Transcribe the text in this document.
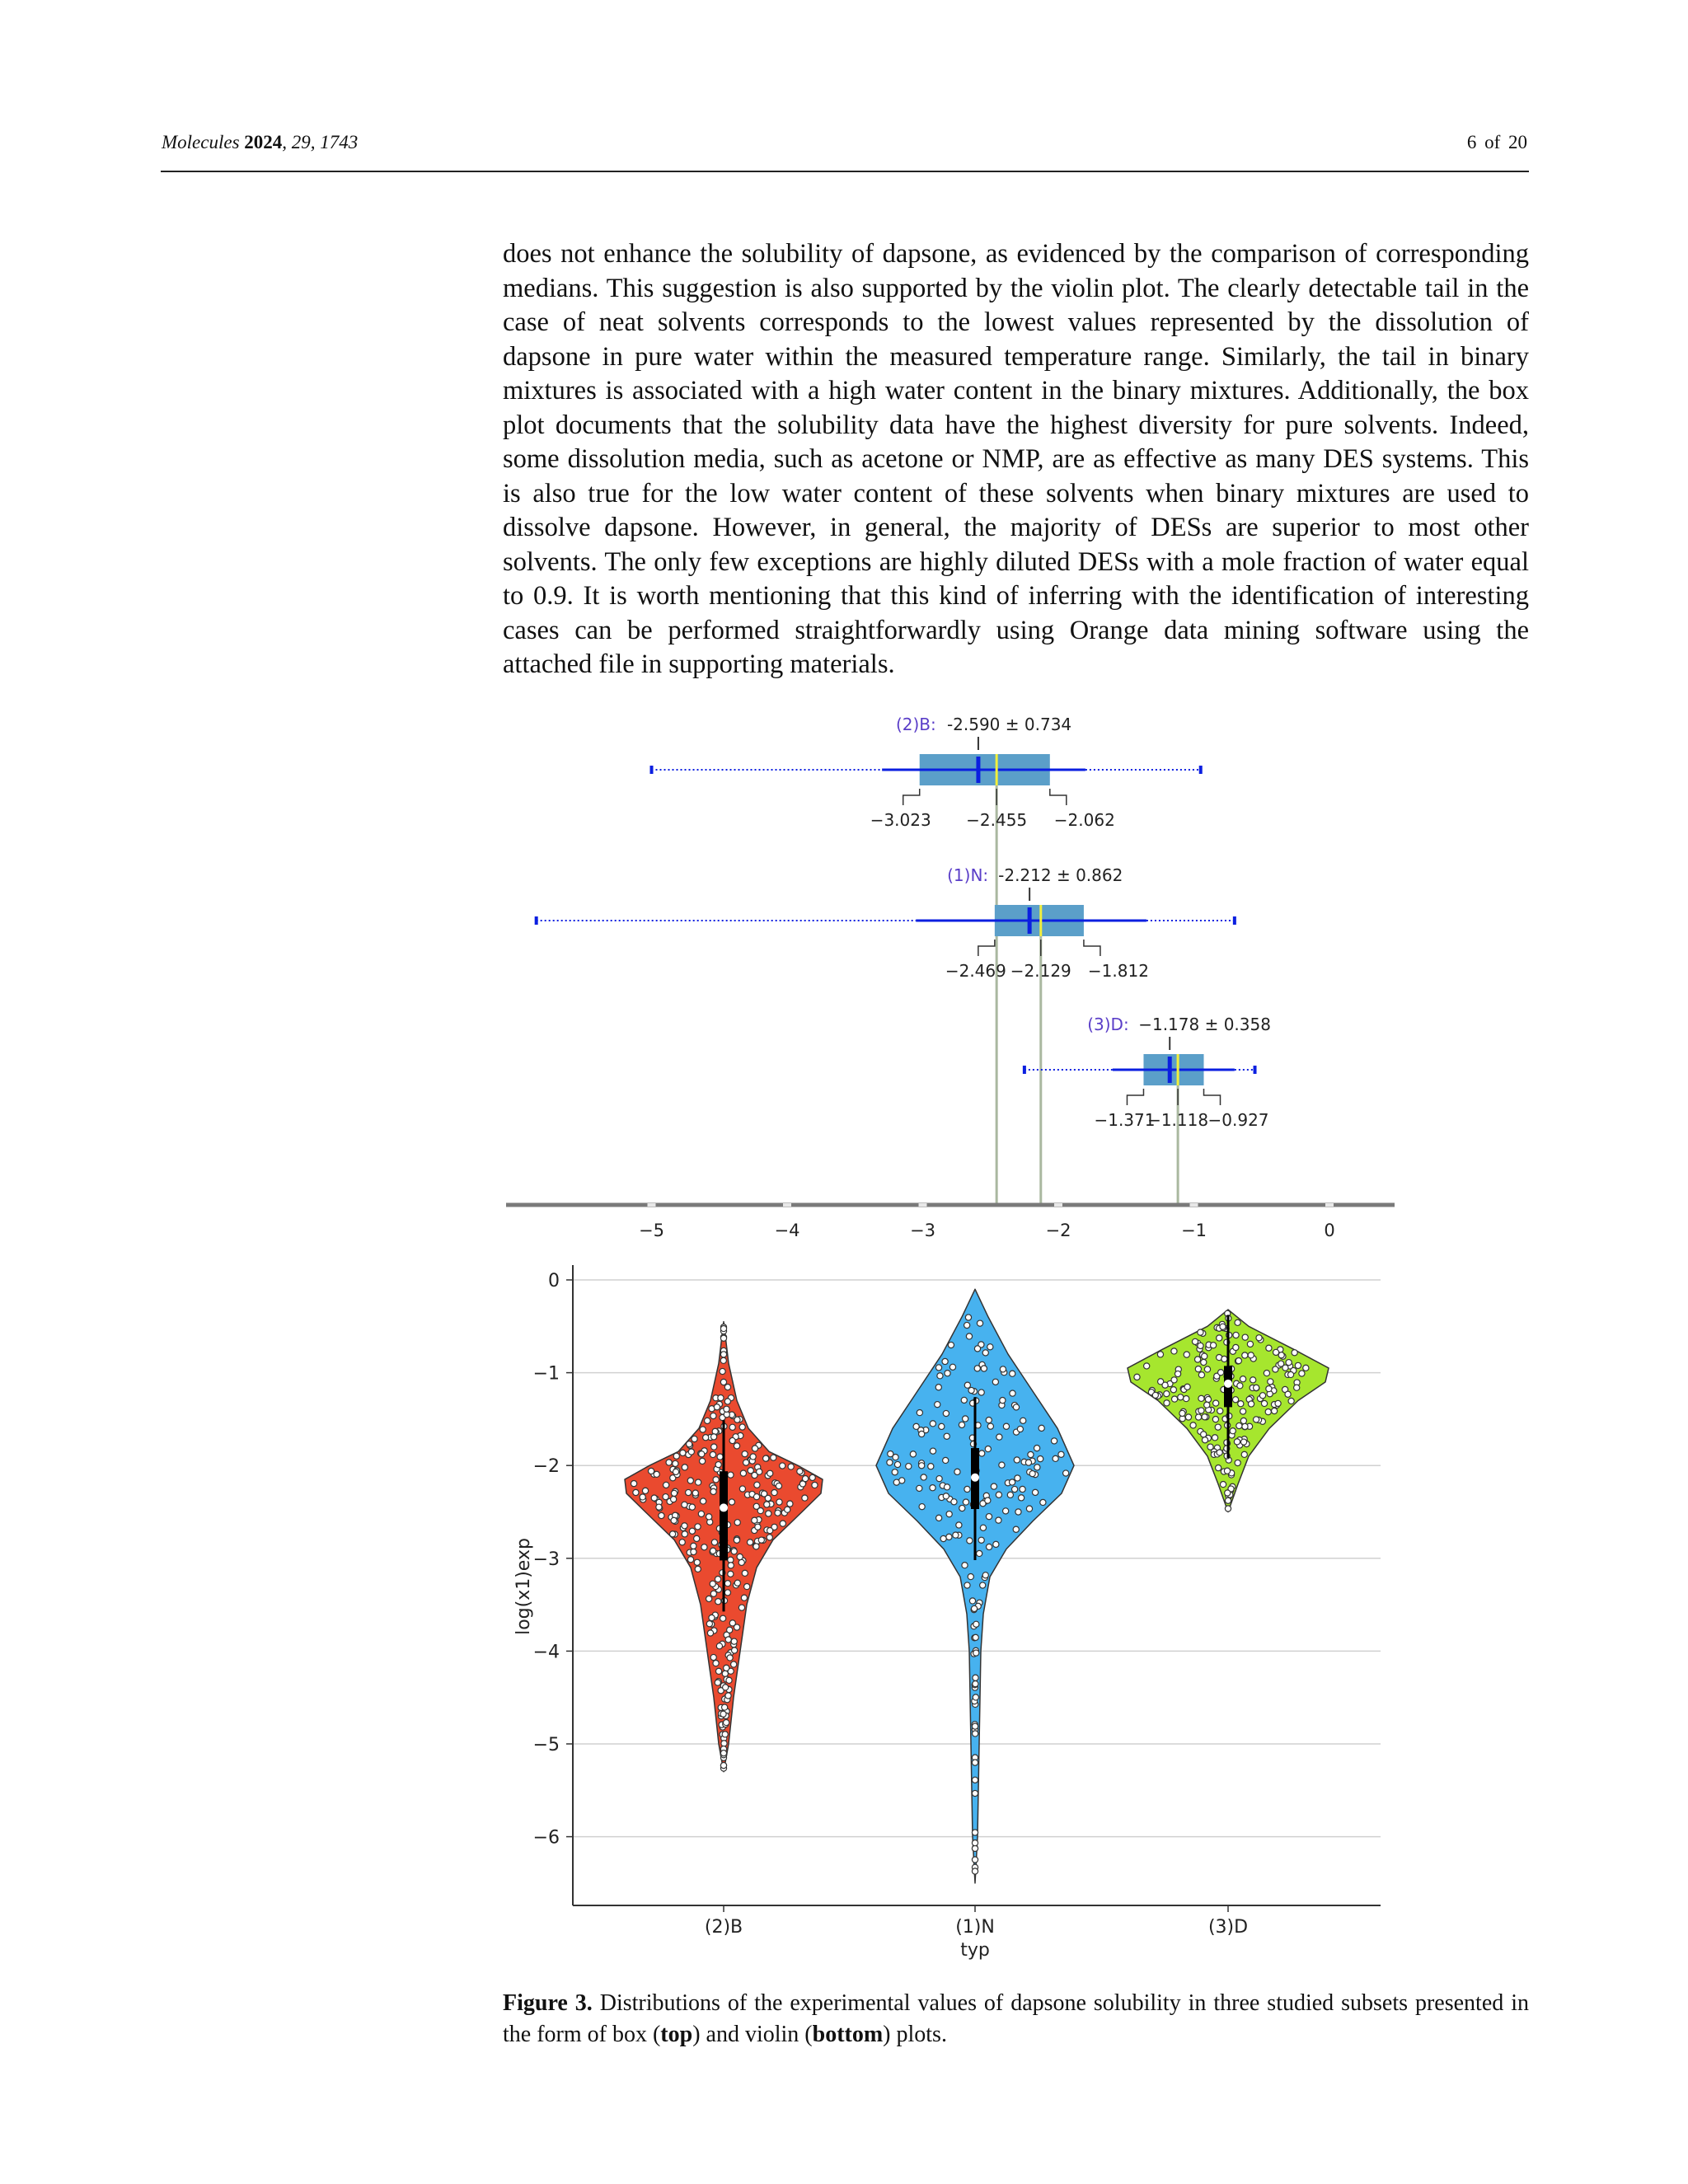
Molecules 2024, 29, 1743	6 of 20

does not enhance the solubility of dapsone, as evidenced by the comparison of corresponding medians. This suggestion is also supported by the violin plot. The clearly detectable tail in the case of neat solvents corresponds to the lowest values represented by the dissolution of dapsone in pure water within the measured temperature range. Similarly, the tail in binary mixtures is associated with a high water content in the binary mixtures. Additionally, the box plot documents that the solubility data have the highest diversity for pure solvents. Indeed, some dissolution media, such as acetone or NMP, are as effective as many DES systems. This is also true for the low water content of these solvents when binary mixtures are used to dissolve dapsone. However, in general, the majority of DESs are superior to most other solvents. The only few exceptions are highly diluted DESs with a mole fraction of water equal to 0.9. It is worth mentioning that this kind of inferring with the identification of interesting cases can be performed straightforwardly using Orange data mining software using the attached file in supporting materials.

(2)B: -2.590 ± 0.734
−3.023 −2.455 −2.062
(1)N: -2.212 ± 0.862
−2.469 −2.129 −1.812
(3)D: −1.178 ± 0.358
−1.371
−1.118 −0.927
−5	−4	−3	−2	−1	0
0
−1
−2
−3
−4
−5
−6
(2)B	(1)N	(3)D
typ
log(x1)exp
Figure 3. Distributions of the experimental values of dapsone solubility in three studied subsets presented in the form of box (top) and violin (bottom) plots.
